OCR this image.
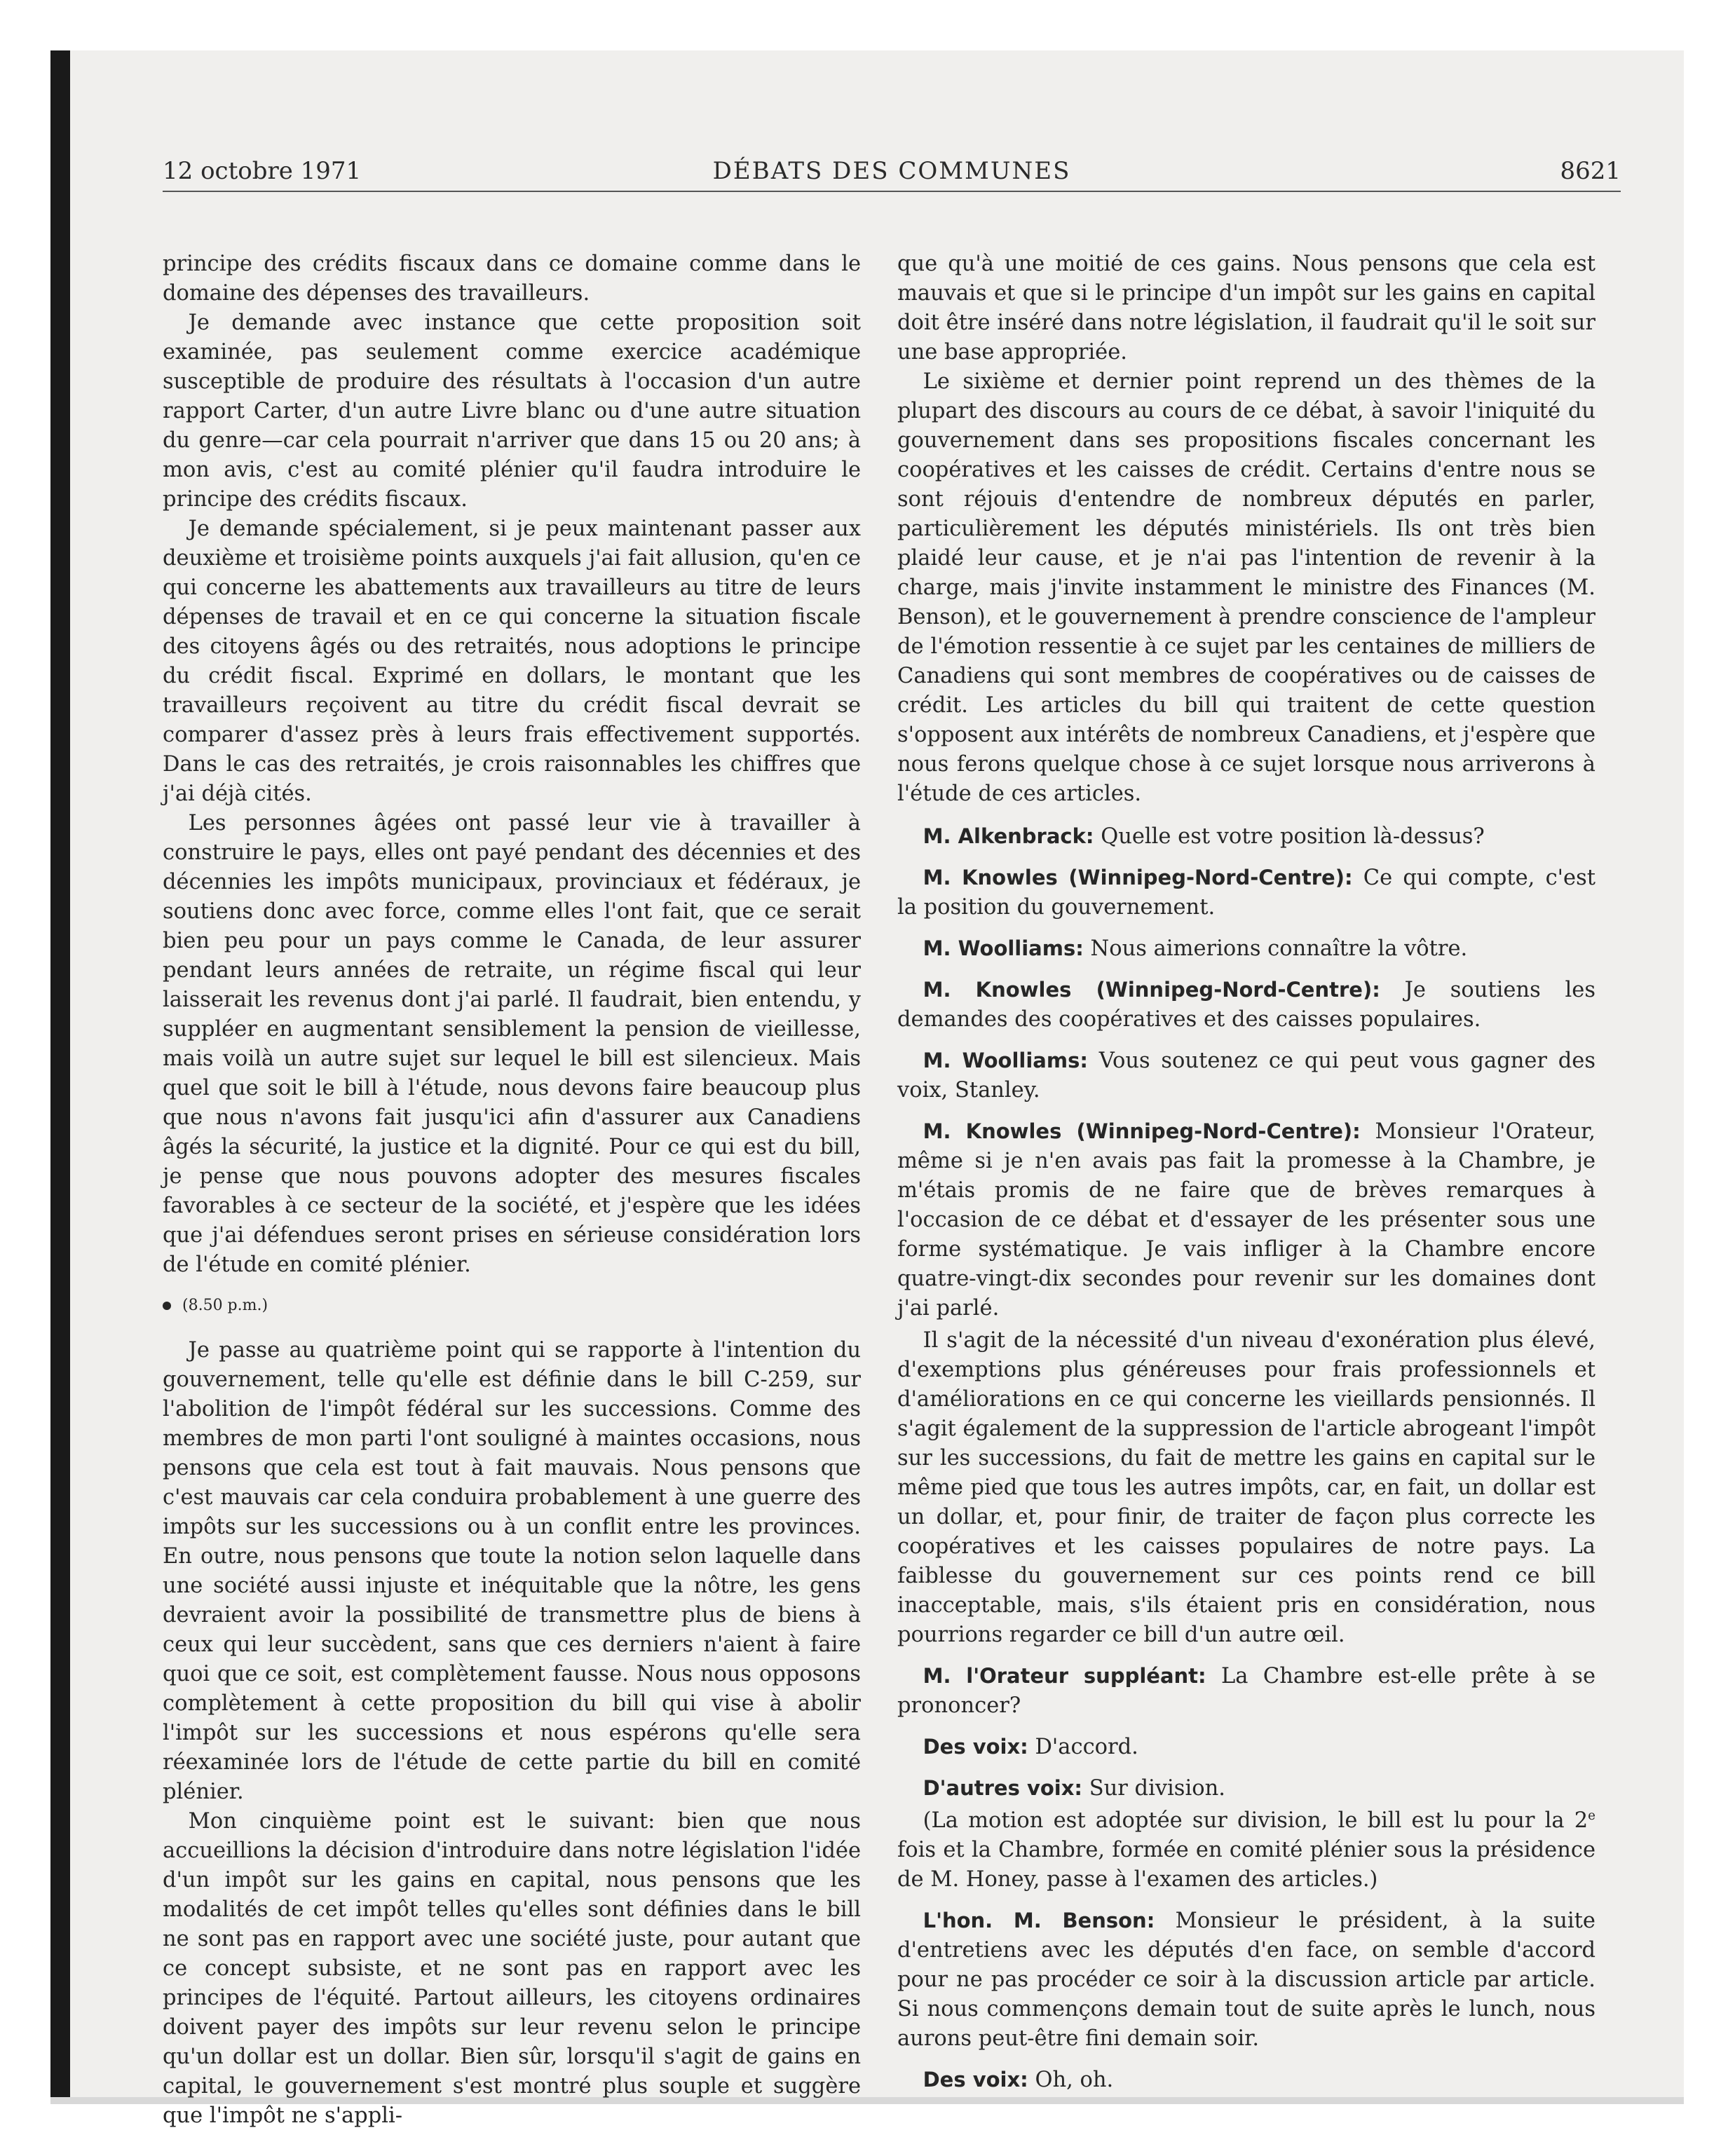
12 octobre 1971	DÉBATS DES COMMUNES	8621

principe des crédits fiscaux dans ce domaine comme dans le domaine des dépenses des travailleurs.

Je demande avec instance que cette proposition soit examinée, pas seulement comme exercice académique susceptible de produire des résultats à l'occasion d'un autre rapport Carter, d'un autre Livre blanc ou d'une autre situation du genre—car cela pourrait n'arriver que dans 15 ou 20 ans; à mon avis, c'est au comité plénier qu'il faudra introduire le principe des crédits fiscaux.

Je demande spécialement, si je peux maintenant passer aux deuxième et troisième points auxquels j'ai fait allusion, qu'en ce qui concerne les abattements aux travailleurs au titre de leurs dépenses de travail et en ce qui concerne la situation fiscale des citoyens âgés ou des retraités, nous adoptions le principe du crédit fiscal. Exprimé en dollars, le montant que les travailleurs reçoivent au titre du crédit fiscal devrait se comparer d'assez près à leurs frais effectivement supportés. Dans le cas des retraités, je crois raisonnables les chiffres que j'ai déjà cités.

Les personnes âgées ont passé leur vie à travailler à construire le pays, elles ont payé pendant des décennies et des décennies les impôts municipaux, provinciaux et fédéraux, je soutiens donc avec force, comme elles l'ont fait, que ce serait bien peu pour un pays comme le Canada, de leur assurer pendant leurs années de retraite, un régime fiscal qui leur laisserait les revenus dont j'ai parlé. Il faudrait, bien entendu, y suppléer en augmentant sensiblement la pension de vieillesse, mais voilà un autre sujet sur lequel le bill est silencieux. Mais quel que soit le bill à l'étude, nous devons faire beaucoup plus que nous n'avons fait jusqu'ici afin d'assurer aux Canadiens âgés la sécurité, la justice et la dignité. Pour ce qui est du bill, je pense que nous pouvons adopter des mesures fiscales favorables à ce secteur de la société, et j'espère que les idées que j'ai défendues seront prises en sérieuse considération lors de l'étude en comité plénier.

(8.50 p.m.)

Je passe au quatrième point qui se rapporte à l'intention du gouvernement, telle qu'elle est définie dans le bill C-259, sur l'abolition de l'impôt fédéral sur les successions. Comme des membres de mon parti l'ont souligné à maintes occasions, nous pensons que cela est tout à fait mauvais. Nous pensons que c'est mauvais car cela conduira probablement à une guerre des impôts sur les successions ou à un conflit entre les provinces. En outre, nous pensons que toute la notion selon laquelle dans une société aussi injuste et inéquitable que la nôtre, les gens devraient avoir la possibilité de transmettre plus de biens à ceux qui leur succèdent, sans que ces derniers n'aient à faire quoi que ce soit, est complètement fausse. Nous nous opposons complètement à cette proposition du bill qui vise à abolir l'impôt sur les successions et nous espérons qu'elle sera réexaminée lors de l'étude de cette partie du bill en comité plénier.

Mon cinquième point est le suivant: bien que nous accueillions la décision d'introduire dans notre législation l'idée d'un impôt sur les gains en capital, nous pensons que les modalités de cet impôt telles qu'elles sont définies dans le bill ne sont pas en rapport avec une société juste, pour autant que ce concept subsiste, et ne sont pas en rapport avec les principes de l'équité. Partout ailleurs, les citoyens ordinaires doivent payer des impôts sur leur revenu selon le principe qu'un dollar est un dollar. Bien sûr, lorsqu'il s'agit de gains en capital, le gouvernement s'est montré plus souple et suggère que l'impôt ne s'appli-

que qu'à une moitié de ces gains. Nous pensons que cela est mauvais et que si le principe d'un impôt sur les gains en capital doit être inséré dans notre législation, il faudrait qu'il le soit sur une base appropriée.

Le sixième et dernier point reprend un des thèmes de la plupart des discours au cours de ce débat, à savoir l'iniquité du gouvernement dans ses propositions fiscales concernant les coopératives et les caisses de crédit. Certains d'entre nous se sont réjouis d'entendre de nombreux députés en parler, particulièrement les députés ministériels. Ils ont très bien plaidé leur cause, et je n'ai pas l'intention de revenir à la charge, mais j'invite instamment le ministre des Finances (M. Benson), et le gouvernement à prendre conscience de l'ampleur de l'émotion ressentie à ce sujet par les centaines de milliers de Canadiens qui sont membres de coopératives ou de caisses de crédit. Les articles du bill qui traitent de cette question s'opposent aux intérêts de nombreux Canadiens, et j'espère que nous ferons quelque chose à ce sujet lorsque nous arriverons à l'étude de ces articles.

M. Alkenbrack: Quelle est votre position là-dessus?

M. Knowles (Winnipeg-Nord-Centre): Ce qui compte, c'est la position du gouvernement.

M. Woolliams: Nous aimerions connaître la vôtre.

M. Knowles (Winnipeg-Nord-Centre): Je soutiens les demandes des coopératives et des caisses populaires.

M. Woolliams: Vous soutenez ce qui peut vous gagner des voix, Stanley.

M. Knowles (Winnipeg-Nord-Centre): Monsieur l'Orateur, même si je n'en avais pas fait la promesse à la Chambre, je m'étais promis de ne faire que de brèves remarques à l'occasion de ce débat et d'essayer de les présenter sous une forme systématique. Je vais infliger à la Chambre encore quatre-vingt-dix secondes pour revenir sur les domaines dont j'ai parlé.

Il s'agit de la nécessité d'un niveau d'exonération plus élevé, d'exemptions plus généreuses pour frais professionnels et d'améliorations en ce qui concerne les vieillards pensionnés. Il s'agit également de la suppression de l'article abrogeant l'impôt sur les successions, du fait de mettre les gains en capital sur le même pied que tous les autres impôts, car, en fait, un dollar est un dollar, et, pour finir, de traiter de façon plus correcte les coopératives et les caisses populaires de notre pays. La faiblesse du gouvernement sur ces points rend ce bill inacceptable, mais, s'ils étaient pris en considération, nous pourrions regarder ce bill d'un autre œil.

M. l'Orateur suppléant: La Chambre est-elle prête à se prononcer?

Des voix: D'accord.

D'autres voix: Sur division.

(La motion est adoptée sur division, le bill est lu pour la 2e fois et la Chambre, formée en comité plénier sous la présidence de M. Honey, passe à l'examen des articles.)

L'hon. M. Benson: Monsieur le président, à la suite d'entretiens avec les députés d'en face, on semble d'accord pour ne pas procéder ce soir à la discussion article par article. Si nous commençons demain tout de suite après le lunch, nous aurons peut-être fini demain soir.

Des voix: Oh, oh.
